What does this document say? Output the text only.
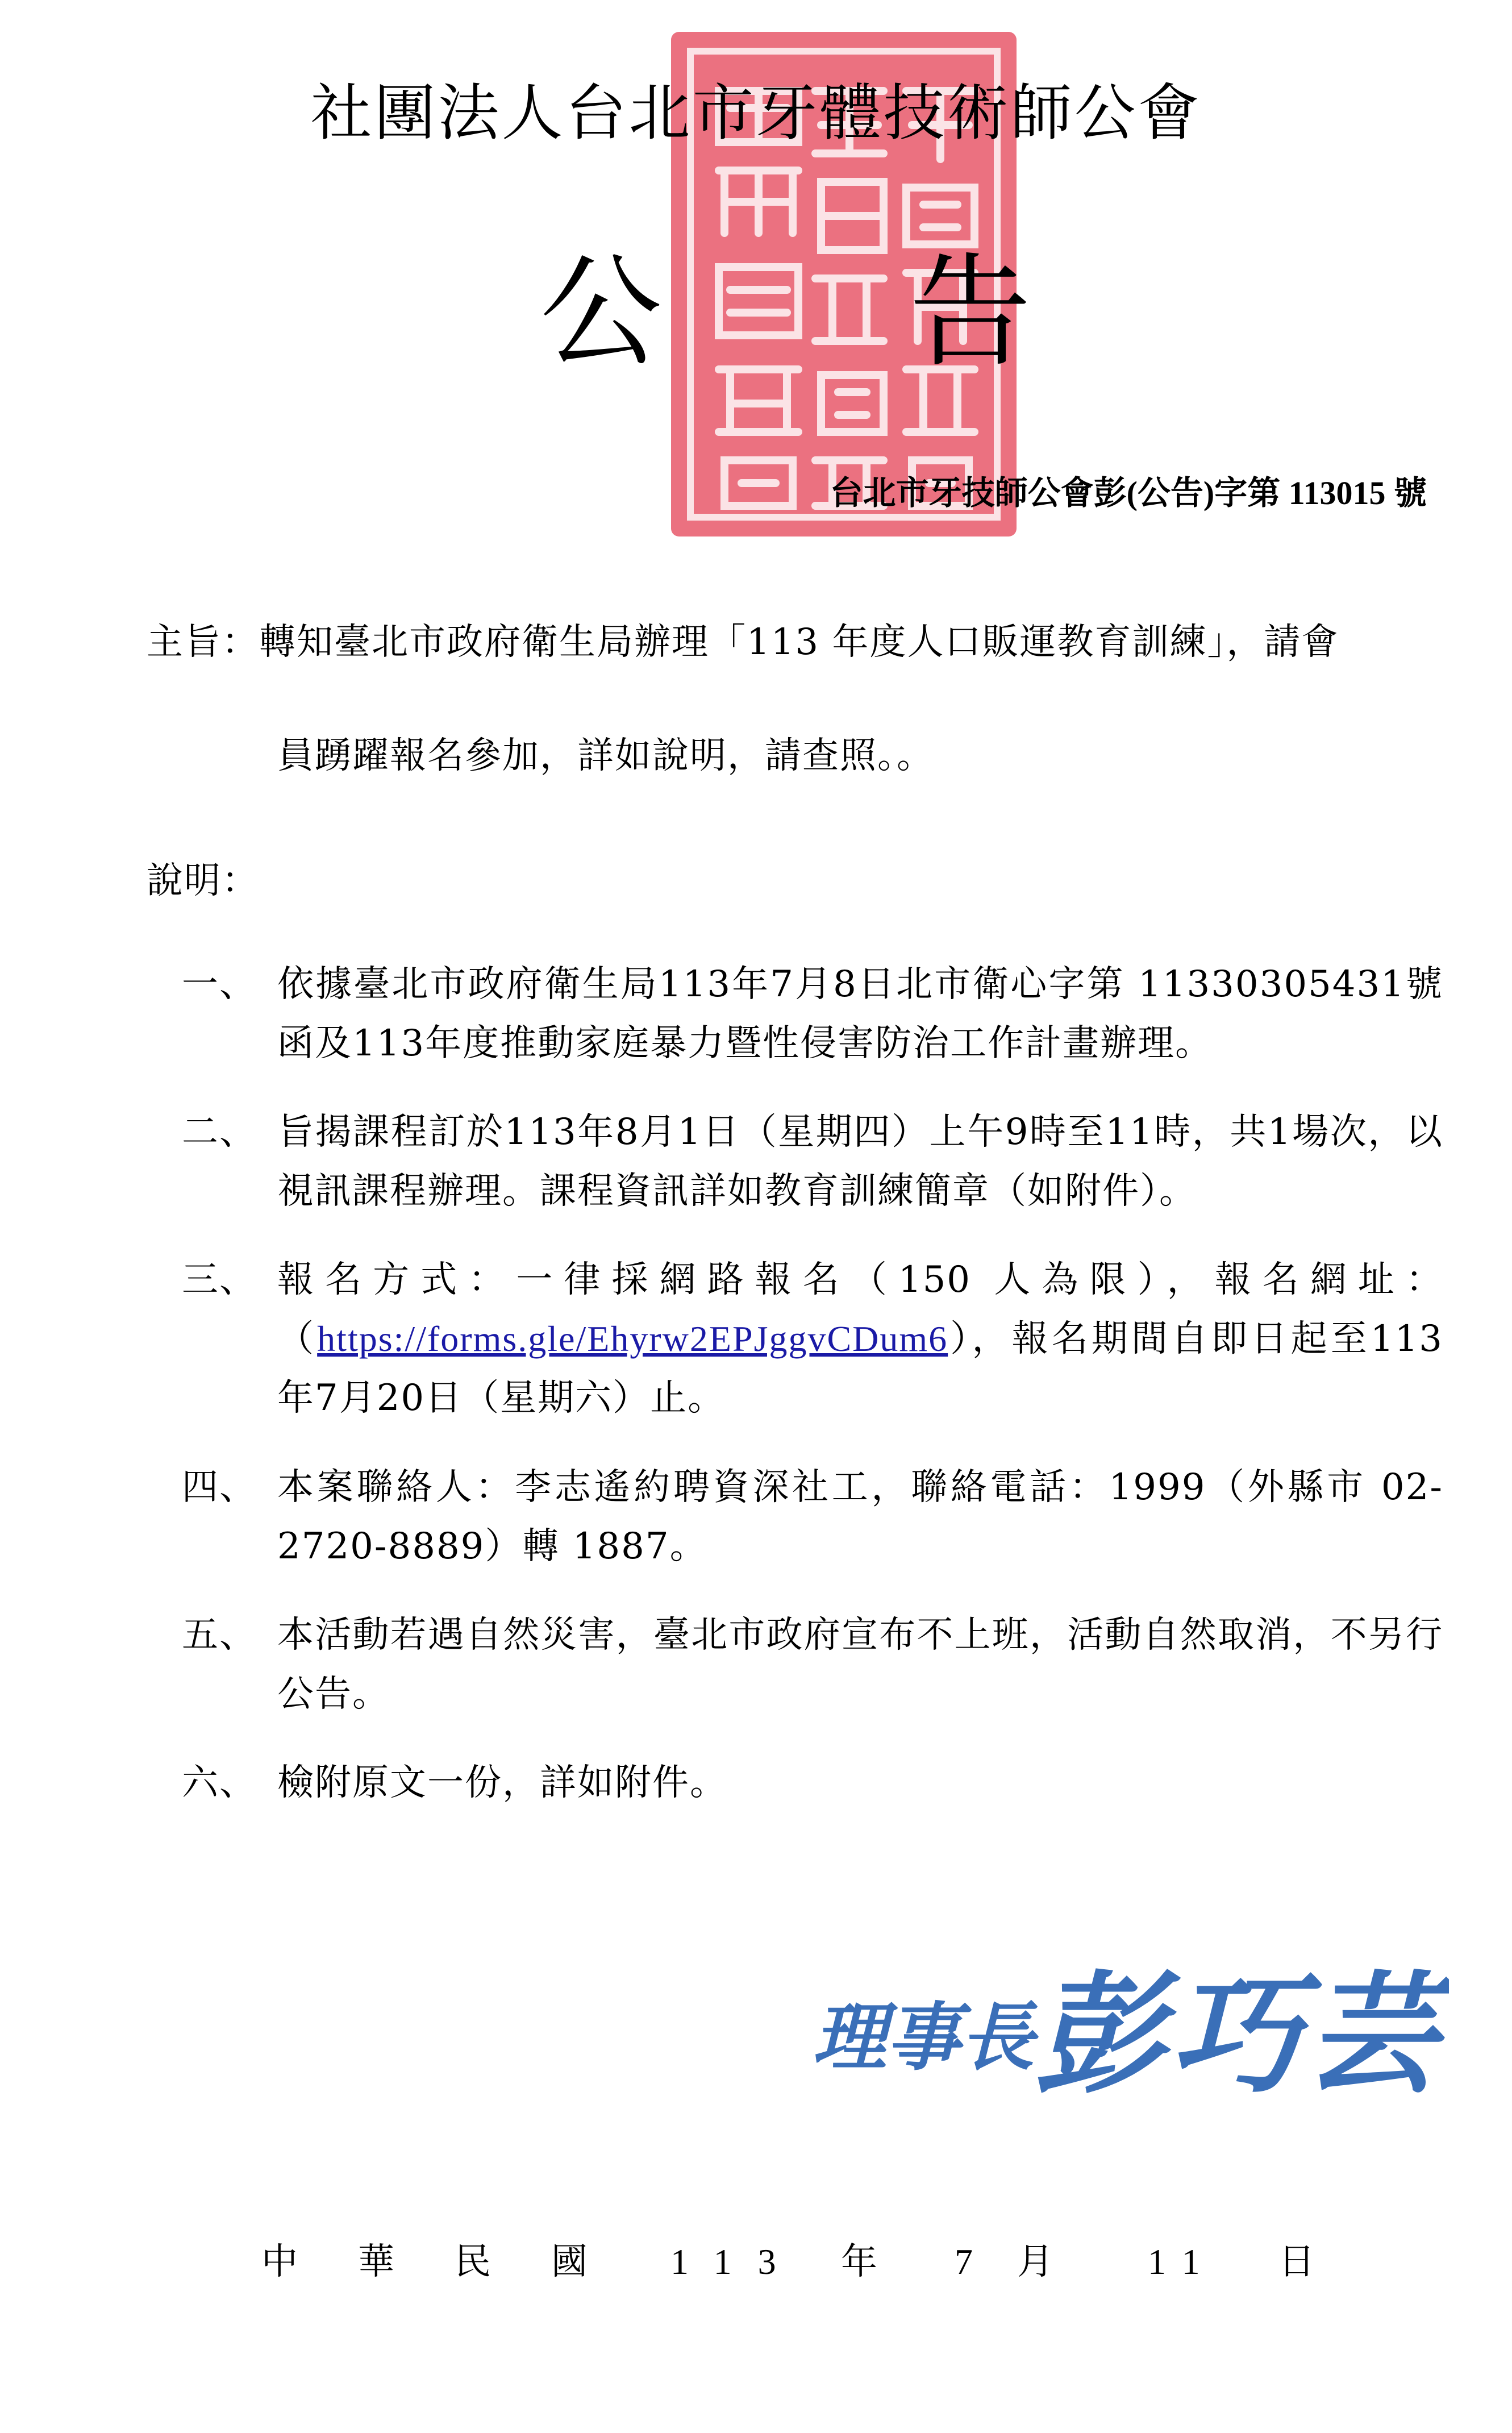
社團法人台北市牙體技術師公會
公 告
台北市牙技師公會彭(公告)字第 113015 號
主旨：轉知臺北市政府衛生局辦理「113 年度人口販運教育訓練」，請會
員踴躍報名參加，詳如說明，請查照。。
說明：
一、 依據臺北市政府衛生局113年7月8日北市衛心字第 11330305431號函及113年度推動家庭暴力暨性侵害防治工作計畫辦理。
二、 旨揭課程訂於113年8月1日（星期四）上午9時至11時，共1場次，以視訊課程辦理。課程資訊詳如教育訓練簡章（如附件）。
三、 報名方式：一律採網路報名（150 人為限），報名網址：（https://forms.gle/Ehyrw2EPJggvCDum6），報名期間自即日起至113年7月20日（星期六）止。
四、 本案聯絡人：李志遙約聘資深社工，聯絡電話：1999（外縣市 02-2720-8889）轉 1887。
五、 本活動若遇自然災害，臺北市政府宣布不上班，活動自然取消，不另行公告。
六、 檢附原文一份，詳如附件。
理事長 彭巧芸
中 華 民 國 113 年 7 月	11 日
